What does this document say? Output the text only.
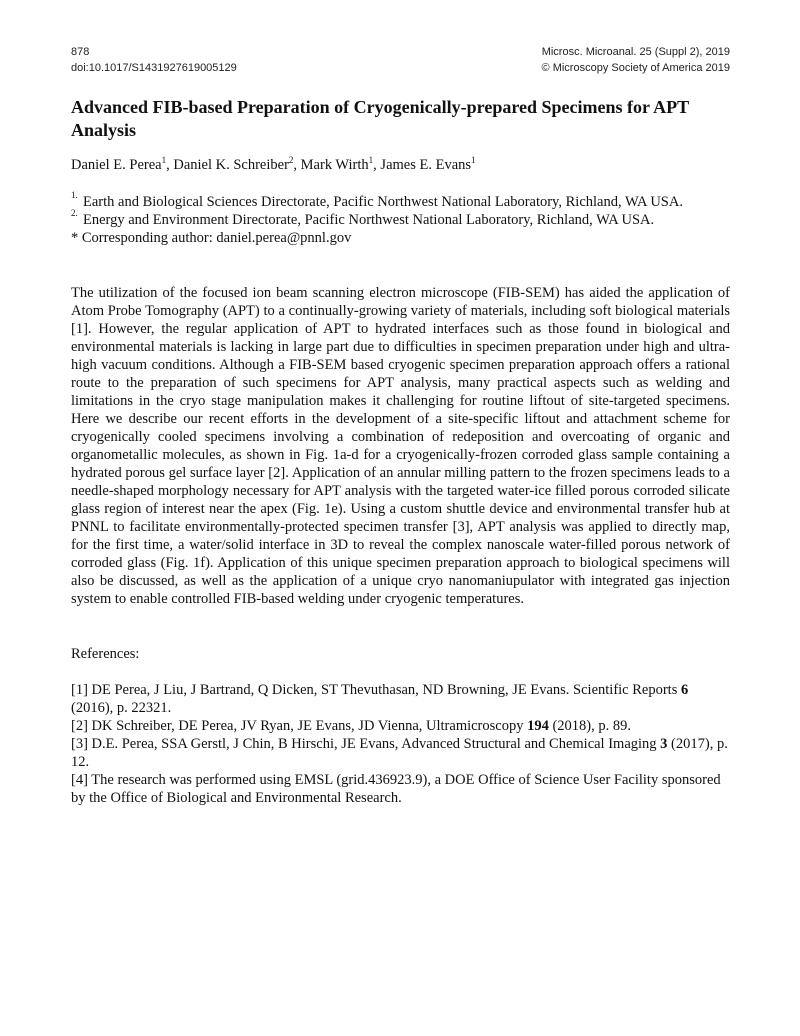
878
doi:10.1017/S1431927619005129
Microsc. Microanal. 25 (Suppl 2), 2019
© Microscopy Society of America 2019
Advanced FIB-based Preparation of Cryogenically-prepared Specimens for APT Analysis
Daniel E. Perea$^1$, Daniel K. Schreiber$^2$, Mark Wirth$^1$, James E. Evans$^1$
1. Earth and Biological Sciences Directorate, Pacific Northwest National Laboratory, Richland, WA USA.
2. Energy and Environment Directorate, Pacific Northwest National Laboratory, Richland, WA USA.
* Corresponding author: daniel.perea@pnnl.gov

The utilization of the focused ion beam scanning electron microscope (FIB-SEM) has aided the application of Atom Probe Tomography (APT) to a continually-growing variety of materials, including soft biological materials [1]. However, the regular application of APT to hydrated interfaces such as those found in biological and environmental materials is lacking in large part due to difficulties in specimen preparation under high and ultra-high vacuum conditions. Although a FIB-SEM based cryogenic specimen preparation approach offers a rational route to the preparation of such specimens for APT analysis, many practical aspects such as welding and limitations in the cryo stage manipulation makes it challenging for routine liftout of site-targeted specimens. Here we describe our recent efforts in the development of a site-specific liftout and attachment scheme for cryogenically cooled specimens involving a combination of redeposition and overcoating of organic and organometallic molecules, as shown in Fig. 1a-d for a cryogenically-frozen corroded glass sample containing a hydrated porous gel surface layer [2]. Application of an annular milling pattern to the frozen specimens leads to a needle-shaped morphology necessary for APT analysis with the targeted water-ice filled porous corroded silicate glass region of interest near the apex (Fig. 1e). Using a custom shuttle device and environmental transfer hub at PNNL to facilitate environmentally-protected specimen transfer [3], APT analysis was applied to directly map, for the first time, a water/solid interface in 3D to reveal the complex nanoscale water-filled porous network of corroded glass (Fig. 1f). Application of this unique specimen preparation approach to biological specimens will also be discussed, as well as the application of a unique cryo nanomaniupulator with integrated gas injection system to enable controlled FIB-based welding under cryogenic temperatures.

References:

[1] DE Perea, J Liu, J Bartrand, Q Dicken, ST Thevuthasan, ND Browning, JE Evans. Scientific Reports 6 (2016), p. 22321.

[2] DK Schreiber, DE Perea, JV Ryan, JE Evans, JD Vienna, Ultramicroscopy 194 (2018), p. 89.

[3] D.E. Perea, SSA Gerstl, J Chin, B Hirschi, JE Evans, Advanced Structural and Chemical Imaging 3 (2017), p. 12.

[4] The research was performed using EMSL (grid.436923.9), a DOE Office of Science User Facility sponsored by the Office of Biological and Environmental Research.
